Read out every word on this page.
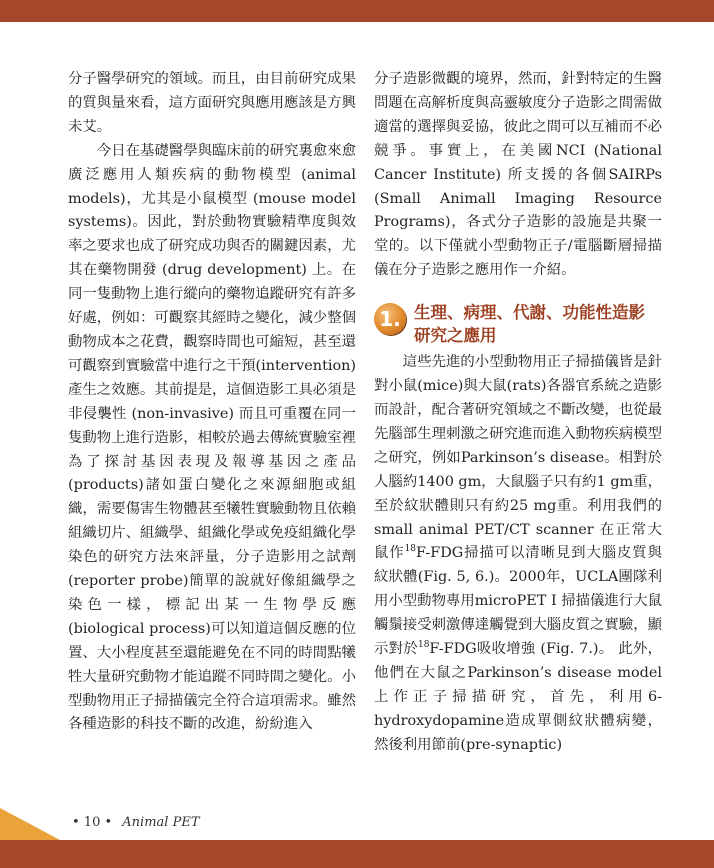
分子醫學研究的領域。而且，由目前研究成果的質與量來看，這方面研究與應用應該是方興未艾。

今日在基礎醫學與臨床前的研究裏愈來愈廣泛應用人類疾病的動物模型 (animal models)，尤其是小鼠模型 (mouse model systems)。因此，對於動物實驗精準度與效率之要求也成了研究成功與否的關鍵因素，尤其在藥物開發 (drug development) 上。在同一隻動物上進行縱向的藥物追蹤研究有許多好處，例如：可觀察其經時之變化，減少整個動物成本之花費，觀察時間也可縮短，甚至還可觀察到實驗當中進行之干預(intervention)產生之效應。其前提是，這個造影工具必須是非侵襲性 (non-invasive) 而且可重覆在同一隻動物上進行造影，相較於過去傳統實驗室裡為了探討基因表現及報導基因之產品(products)諸如蛋白變化之來源細胞或組織，需要傷害生物體甚至犧牲實驗動物且依賴組織切片、組織學、組織化學或免疫組織化學染色的研究方法來評量，分子造影用之試劑 (reporter probe)簡單的說就好像組織學之染色一樣，標記出某一生物學反應(biological process)可以知道這個反應的位置、大小程度甚至還能避免在不同的時間點犧牲大量研究動物才能追蹤不同時間之變化。小型動物用正子掃描儀完全符合這項需求。雖然各種造影的科技不斷的改進，紛紛進入

分子造影微觀的境界，然而，針對特定的生醫問題在高解析度與高靈敏度分子造影之間需做適當的選擇與妥協，彼此之間可以互補而不必競爭。事實上，在美國NCI (National Cancer Institute) 所支援的各個SAIRPs (Small Animall Imaging Resource Programs)，各式分子造影的設施是共聚一堂的。以下僅就小型動物正子/電腦斷層掃描儀在分子造影之應用作一介紹。

1. 生理、病理、代謝、功能性造影
研究之應用

這些先進的小型動物用正子掃描儀皆是針對小鼠(mice)與大鼠(rats)各器官系統之造影而設計，配合著研究領域之不斷改變，也從最先腦部生理刺激之研究進而進入動物疾病模型之研究，例如Parkinson’s disease。相對於人腦約1400 gm，大鼠腦子只有約1 gm重，至於紋狀體則只有約25 mg重。利用我們的small animal PET/CT scanner 在正常大鼠作$^{18}$F-FDG掃描可以清晰見到大腦皮質與紋狀體(Fig. 5, 6.)。2000年，UCLA團隊利用小型動物專用microPET I 掃描儀進行大鼠觸鬚接受刺激傳達觸覺到大腦皮質之實驗，顯示對於$^{18}$F-FDG吸收增強 (Fig. 7.)。 此外，他們在大鼠之Parkinson’s disease model上作正子掃描研究，首先，利用6-hydroxydopamine造成單側紋狀體病變，然後利用節前(pre-synaptic)

• 10 • Animal PET
